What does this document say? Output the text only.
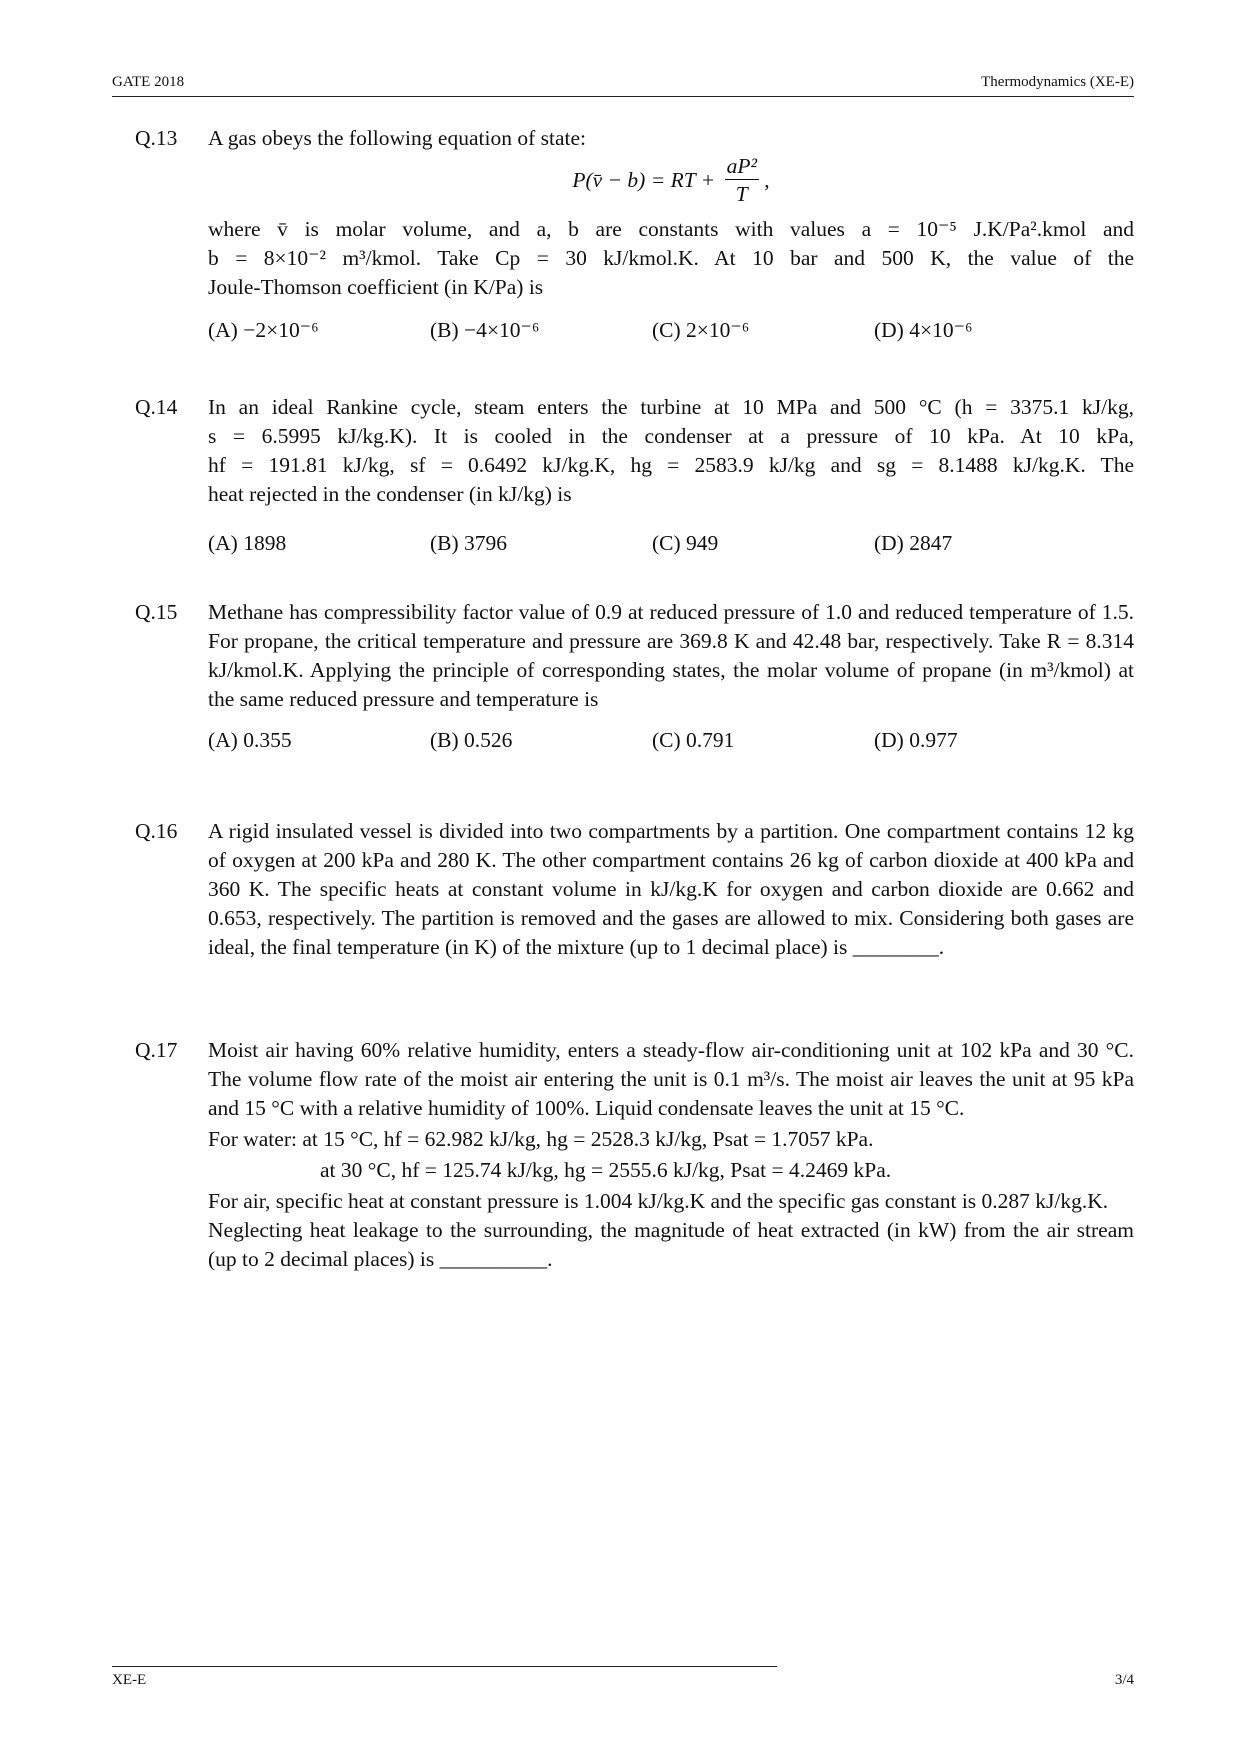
GATE 2018	Thermodynamics (XE-E)
Q.13	A gas obeys the following equation of state:

P(v̄ − b) = RT + $\frac{\text{aP²}}{T}$ ,

where v̄ is molar volume, and a, b are constants with values a = 10⁻⁵ J.K/Pa².kmol and

b = 8×10⁻² m³/kmol. Take Cp = 30 kJ/kmol.K. At 10 bar and 500 K, the value of the

Joule-Thomson coefficient (in K/Pa) is

(A) −2×10⁻⁶	(B) −4×10⁻⁶	(C) 2×10⁻⁶	(D) 4×10⁻⁶
Q.14	In an ideal Rankine cycle, steam enters the turbine at 10 MPa and 500 °C (h = 3375.1 kJ/kg,

s = 6.5995 kJ/kg.K). It is cooled in the condenser at a pressure of 10 kPa. At 10 kPa,

hf = 191.81 kJ/kg, sf = 0.6492 kJ/kg.K, hg = 2583.9 kJ/kg and sg = 8.1488 kJ/kg.K. The

heat rejected in the condenser (in kJ/kg) is

(A) 1898	(B) 3796	(C) 949	(D) 2847
Q.15	Methane has compressibility factor value of 0.9 at reduced pressure of 1.0 and reduced temperature of 1.5. For propane, the critical temperature and pressure are 369.8 K and 42.48 bar, respectively. Take R = 8.314 kJ/kmol.K. Applying the principle of corresponding states, the molar volume of propane (in m³/kmol) at the same reduced pressure and temperature is

(A) 0.355	(B) 0.526	(C) 0.791	(D) 0.977
Q.16	A rigid insulated vessel is divided into two compartments by a partition. One compartment contains 12 kg of oxygen at 200 kPa and 280 K. The other compartment contains 26 kg of carbon dioxide at 400 kPa and 360 K. The specific heats at constant volume in kJ/kg.K for oxygen and carbon dioxide are 0.662 and 0.653, respectively. The partition is removed and the gases are allowed to mix. Considering both gases are ideal, the final temperature (in K) of the mixture (up to 1 decimal place) is ________.

Q.17	Moist air having 60% relative humidity, enters a steady-flow air-conditioning unit at 102 kPa and 30 °C. The volume flow rate of the moist air entering the unit is 0.1 m³/s. The moist air leaves the unit at 95 kPa and 15 °C with a relative humidity of 100%. Liquid condensate leaves the unit at 15 °C.

For water: at 15 °C, hf = 62.982 kJ/kg, hg = 2528.3 kJ/kg, Psat = 1.7057 kPa.

at 30 °C, hf = 125.74 kJ/kg, hg = 2555.6 kJ/kg, Psat = 4.2469 kPa.

For air, specific heat at constant pressure is 1.004 kJ/kg.K and the specific gas constant is 0.287 kJ/kg.K.

Neglecting heat leakage to the surrounding, the magnitude of heat extracted (in kW) from the air stream (up to 2 decimal places) is __________.

XE-E	3/4
